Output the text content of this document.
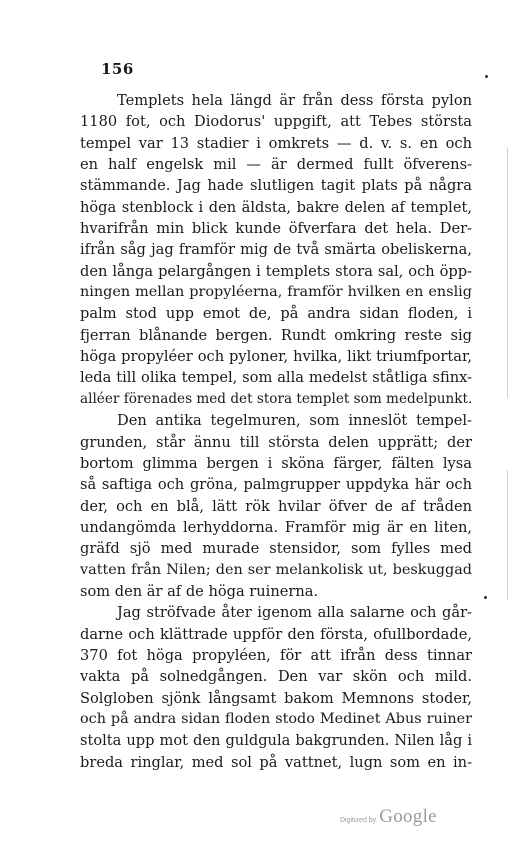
156
Templets hela längd är från dess första pylon
1180 fot, och Diodorus' uppgift, att Tebes största
tempel var 13 stadier i omkrets — d. v. s. en och
en half engelsk mil — är dermed fullt öfverens-
stämmande. Jag hade slutligen tagit plats på några
höga stenblock i den äldsta, bakre delen af templet,
hvarifrån min blick kunde öfverfara det hela. Der-
ifrån såg jag framför mig de två smärta obeliskerna,
den långa pelargången i templets stora sal, och öpp-
ningen mellan propyléerna, framför hvilken en enslig
palm stod upp emot de, på andra sidan floden, i
fjerran blånande bergen. Rundt omkring reste sig
höga propyléer och pyloner, hvilka, likt triumfportar,
leda till olika tempel, som alla medelst ståtliga sfinx-
alléer förenades med det stora templet som medelpunkt.
Den antika tegelmuren, som inneslöt tempel-
grunden, står ännu till största delen upprätt; der
bortom glimma bergen i sköna färger, fälten lysa
så saftiga och gröna, palmgrupper uppdyka här och
der, och en blå, lätt rök hvilar öfver de af tråden
undangömda lerhyddorna. Framför mig är en liten,
gräfd sjö med murade stensidor, som fylles med
vatten från Nilen; den ser melankolisk ut, beskuggad
som den är af de höga ruinerna.
Jag ströfvade åter igenom alla salarne och går-
darne och klättrade uppför den första, ofullbordade,
370 fot höga propyléen, för att ifrån dess tinnar
vakta på solnedgången. Den var skön och mild.
Solgloben sjönk långsamt bakom Memnons stoder,
och på andra sidan floden stodo Medinet Abus ruiner
stolta upp mot den guldgula bakgrunden. Nilen låg i
breda ringlar, med sol på vattnet, lugn som en in-
Digitized by Google
